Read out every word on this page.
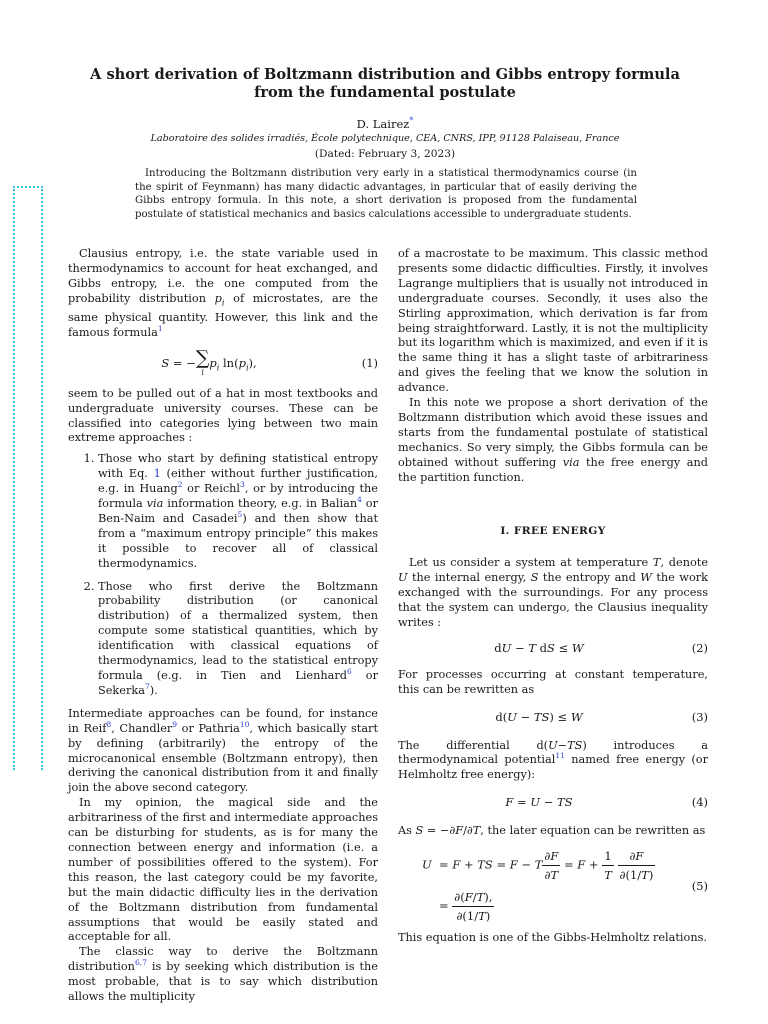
A short derivation of Boltzmann distribution and Gibbs entropy formula from the fundamental postulate
D. Lairez*
Laboratoire des solides irradiés, École polytechnique, CEA, CNRS, IPP, 91128 Palaiseau, France
(Dated: February 3, 2023)
Introducing the Boltzmann distribution very early in a statistical thermodynamics course (in the spirit of Feynmann) has many didactic advantages, in particular that of easily deriving the Gibbs entropy formula. In this note, a short derivation is proposed from the fundamental postulate of statistical mechanics and basics calculations accessible to undergraduate students.

Clausius entropy, i.e. the state variable used in thermodynamics to account for heat exchanged, and Gibbs entropy, i.e. the one computed from the probability distribution $p_i$ of microstates, are the same physical quantity. However, this link and the famous formula$^1$

S = − ∑
i
$p_i$ $\ln(p_i)$,	(1)

seem to be pulled out of a hat in most textbooks and undergraduate university courses. These can be classified into categories lying between two main extreme approaches :

1. Those who start by defining statistical entropy with Eq. 1 (either without further justification, e.g. in Huang$^2$ or Reichl$^3$, or by introducing the formula via information theory, e.g. in Balian$^4$ or Ben-Naim and Casadei$^5$) and then show that from a “maximum entropy principle” this makes it possible to recover all of classical thermodynamics.
2. Those who first derive the Boltzmann probability distribution (or canonical distribution) of a thermalized system, then compute some statistical quantities, which by identification with classical equations of thermodynamics, lead to the statistical entropy formula (e.g. in Tien and Lienhard$^6$ or Sekerka$^7$).

Intermediate approaches can be found, for instance in Reif$^8$, Chandler$^9$ or Pathria$^{10}$, which basically start by defining (arbitrarily) the entropy of the microcanonical ensemble (Boltzmann entropy), then deriving the canonical distribution from it and finally join the above second category.

In my opinion, the magical side and the arbitrariness of the first and intermediate approaches can be disturbing for students, as is for many the connection between energy and information (i.e. a number of possibilities offered to the system). For this reason, the last category could be my favorite, but the main didactic difficulty lies in the derivation of the Boltzmann distribution from fundamental assumptions that would be easily stated and acceptable for all.

The classic way to derive the Boltzmann distribution$^{6,7}$ is by seeking which distribution is the most probable, that is to say which distribution allows the multiplicity

of a macrostate to be maximum. This classic method presents some didactic difficulties. Firstly, it involves Lagrange multipliers that is usually not introduced in undergraduate courses. Secondly, it uses also the Stirling approximation, which derivation is far from being straightforward. Lastly, it is not the multiplicity but its logarithm which is maximized, and even if it is the same thing it has a slight taste of arbitrariness and gives the feeling that we know the solution in advance.

In this note we propose a short derivation of the Boltzmann distribution which avoid these issues and starts from the fundamental postulate of statistical mechanics. So very simply, the Gibbs formula can be obtained without suffering via the free energy and the partition function.

I. FREE ENERGY

Let us consider a system at temperature T, denote U the internal energy, S the entropy and W the work exchanged with the surroundings. For any process that the system can undergo, the Clausius inequality writes :

dU − T dS ≤ W	(2)

For processes occurring at constant temperature, this can be rewritten as

d(U − TS) ≤ W	(3)

The differential d(U−TS) introduces a thermodynamical potential$^{11}$ named free energy (or Helmholtz free energy):

F = U − TS	(4)

As S = −∂F/∂T, the later equation can be rewritten as

U  = F + TS = F − T $\frac{\partial F}{\partial T} = F + \frac{1}{T}$
$\frac{\partial F}{\partial(1/T)}$
= $\frac{\partial(F/T),}{\partial(1/T)}$
(5)

This equation is one of the Gibbs-Helmholtz relations.
